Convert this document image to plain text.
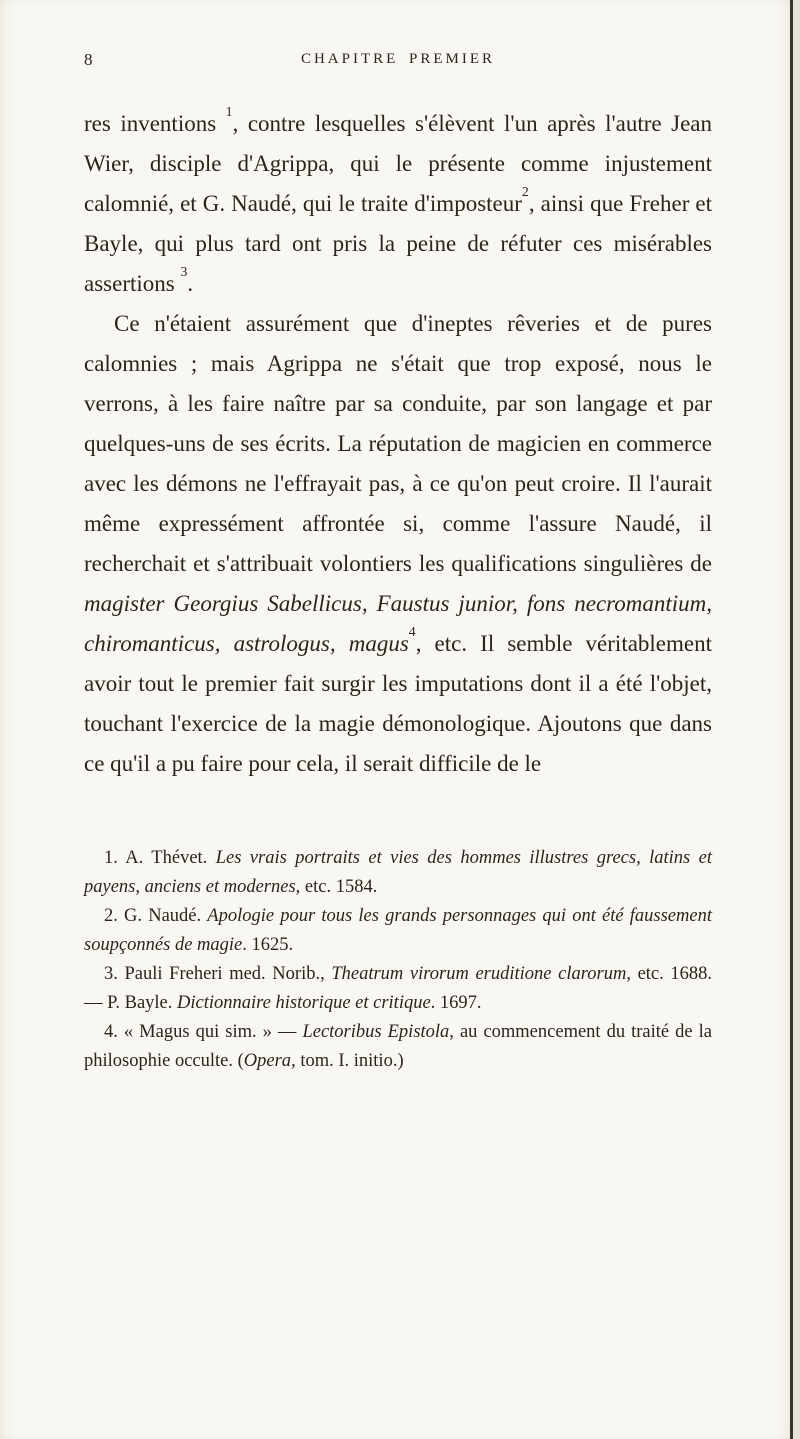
8	CHAPITRE PREMIER

res inventions $^1$, contre lesquelles s'élèvent l'un après l'autre Jean Wier, disciple d'Agrippa, qui le présente comme injustement calomnié, et G. Naudé, qui le traite d'imposteur$^2$, ainsi que Freher et Bayle, qui plus tard ont pris la peine de réfuter ces misérables assertions $^3$.

Ce n'étaient assurément que d'ineptes rêveries et de pures calomnies ; mais Agrippa ne s'était que trop exposé, nous le verrons, à les faire naître par sa conduite, par son langage et par quelques-uns de ses écrits. La réputation de magicien en commerce avec les démons ne l'effrayait pas, à ce qu'on peut croire. Il l'aurait même expressément affrontée si, comme l'assure Naudé, il recherchait et s'attribuait volontiers les qualifications singulières de magister Georgius Sabellicus, Faustus junior, fons necromantium, chiromanticus, astrologus, magus$^4$, etc. Il semble véritablement avoir tout le premier fait surgir les imputations dont il a été l'objet, touchant l'exercice de la magie démonologique. Ajoutons que dans ce qu'il a pu faire pour cela, il serait difficile de le

1. A. Thévet. Les vrais portraits et vies des hommes illustres grecs, latins et payens, anciens et modernes, etc. 1584.

2. G. Naudé. Apologie pour tous les grands personnages qui ont été faussement soupçonnés de magie. 1625.

3. Pauli Freheri med. Norib., Theatrum virorum eruditione clarorum, etc. 1688. — P. Bayle. Dictionnaire historique et critique. 1697.

4. « Magus qui sim. » — Lectoribus Epistola, au commencement du traité de la philosophie occulte. (Opera, tom. I. initio.)
